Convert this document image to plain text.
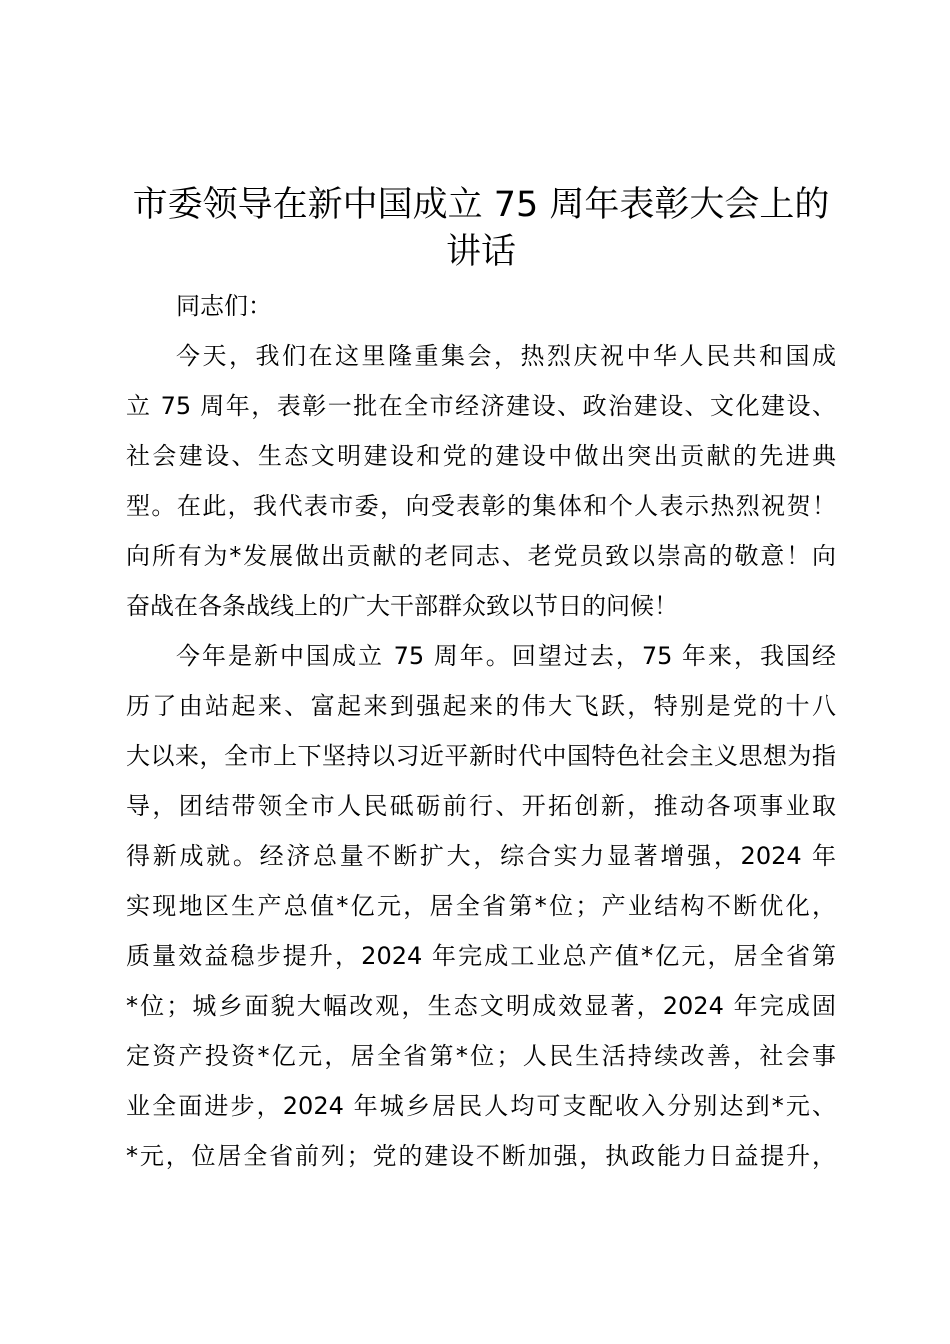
市委领导在新中国成立 75 周年表彰大会上的
讲话

同志们：

今天，我们在这里隆重集会，热烈庆祝中华人民共和国成
立 75 周年，表彰一批在全市经济建设、政治建设、文化建设、
社会建设、生态文明建设和党的建设中做出突出贡献的先进典
型。在此，我代表市委，向受表彰的集体和个人表示热烈祝贺！
向所有为*发展做出贡献的老同志、老党员致以崇高的敬意！向
奋战在各条战线上的广大干部群众致以节日的问候！
今年是新中国成立 75 周年。回望过去，75 年来，我国经
历了由站起来、富起来到强起来的伟大飞跃，特别是党的十八
大以来，全市上下坚持以习近平新时代中国特色社会主义思想为指
导，团结带领全市人民砥砺前行、开拓创新，推动各项事业取
得新成就。经济总量不断扩大，综合实力显著增强，2024 年
实现地区生产总值*亿元，居全省第*位；产业结构不断优化，
质量效益稳步提升，2024 年完成工业总产值*亿元，居全省第
*位；城乡面貌大幅改观，生态文明成效显著，2024 年完成固
定资产投资*亿元，居全省第*位；人民生活持续改善，社会事
业全面进步，2024 年城乡居民人均可支配收入分别达到*元、
*元，位居全省前列；党的建设不断加强，执政能力日益提升，
